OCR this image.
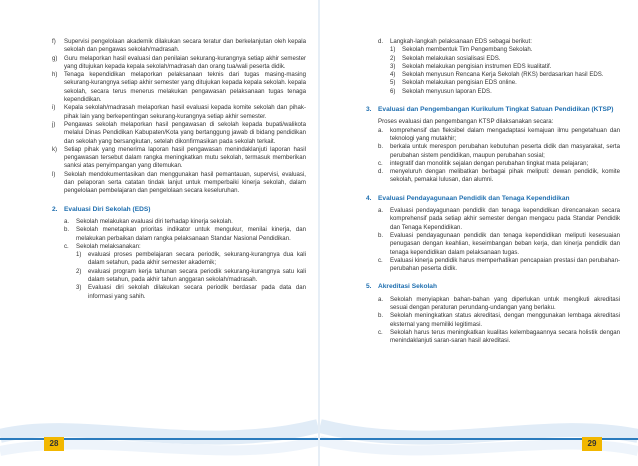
f) Supervisi pengelolaan akademik dilakukan secara teratur dan berkelanjutan oleh kepala sekolah dan pengawas sekolah/madrasah.
g) Guru melaporkan hasil evaluasi dan penilaian sekurang-kurangnya setiap akhir semester yang ditujukan kepada kepala sekolah/madrasah dan orang tua/wali peserta didik.
h) Tenaga kependidikan melaporkan pelaksanaan teknis dari tugas masing-masing sekurang-kurangnya setiap akhir semester yang ditujukan kepada kepala sekolah. kepala sekolah, secara terus menerus melakukan pengawasan pelaksanaan tugas tenaga kependidikan.
i) Kepala sekolah/madrasah melaporkan hasil evaluasi kepada komite sekolah dan pihak-pihak lain yang berkepentingan sekurang-kurangnya setiap akhir semester.
j) Pengawas sekolah melaporkan hasil pengawasan di sekolah kepada bupati/walikota melalui Dinas Pendidikan Kabupaten/Kota yang bertanggung jawab di bidang pendidikan dan sekolah yang bersangkutan, setelah dikonfirmasikan pada sekolah terkait.
k) Setiap pihak yang menerima laporan hasil pengawasan menindaklanjuti laporan hasil pengawasan tersebut dalam rangka meningkatkan mutu sekolah, termasuk memberikan sanksi atas penyimpangan yang ditemukan.
l) Sekolah mendokumentasikan dan menggunakan hasil pemantauan, supervisi, evaluasi, dan pelaporan serta catatan tindak lanjut untuk memperbaiki kinerja sekolah, dalam pengelolaan pembelajaran dan pengelolaan secara keseluruhan.
2. Evaluasi Diri Sekolah (EDS)
a. Sekolah melakukan evaluasi diri terhadap kinerja sekolah.
b. Sekolah menetapkan prioritas indikator untuk mengukur, menilai kinerja, dan melakukan perbaikan dalam rangka pelaksanaan Standar Nasional Pendidikan.
c. Sekolah melaksanakan:
1) evaluasi proses pembelajaran secara periodik, sekurang-kurangnya dua kali dalam setahun, pada akhir semester akademik;
2) evaluasi program kerja tahunan secara periodik sekurang-kurangnya satu kali dalam setahun, pada akhir tahun anggaran sekolah/madrasah.
3) Evaluasi diri sekolah dilakukan secara periodik berdasar pada data dan informasi yang sahih.
28
d. Langkah-langkah pelaksanaan EDS sebagai berikut:
1) Sekolah membentuk Tim Pengembang Sekolah.
2) Sekolah melakukan sosialisasi EDS.
3) Sekolah melakukan pengisian instrumen EDS kualitatif.
4) Sekolah menyusun Rencana Kerja Sekolah (RKS) berdasarkan hasil EDS.
5) Sekolah melakukan pengisian EDS online.
6) Sekolah menyusun laporan EDS.
3. Evaluasi dan Pengembangan Kurikulum Tingkat Satuan Pendidikan (KTSP)
Proses evaluasi dan pengembangan KTSP dilaksanakan secara:
a. komprehensif dan fleksibel dalam mengadaptasi kemajuan ilmu pengetahuan dan teknologi yang mutakhir;
b. berkala untuk merespon perubahan kebutuhan peserta didik dan masyarakat, serta perubahan sistem pendidikan, maupun perubahan sosial;
c. integratif dan monolitik sejalan dengan perubahan tingkat mata pelajaran;
d. menyeluruh dengan melibatkan berbagai pihak meliputi: dewan pendidik, komite sekolah, pemakai lulusan, dan alumni.
4. Evaluasi Pendayagunaan Pendidik dan Tenaga Kependidikan
a. Evaluasi pendayagunaan pendidik dan tenaga kependidikan direncanakan secara komprehensif pada setiap akhir semester dengan mengacu pada Standar Pendidik dan Tenaga Kependidikan.
b. Evaluasi pendayagunaan pendidik dan tenaga kependidikan meliputi kesesuaian penugasan dengan keahlian, keseimbangan beban kerja, dan kinerja pendidik dan tenaga kependidikan dalam pelaksanaan tugas.
c. Evaluasi kinerja pendidik harus memperhatikan pencapaian prestasi dan perubahan-perubahan peserta didik.
5. Akreditasi Sekolah
a. Sekolah menyiapkan bahan-bahan yang diperlukan untuk mengikuti akreditasi sesuai dengan peraturan perundang-undangan yang berlaku.
b. Sekolah meningkatkan status akreditasi, dengan menggunakan lembaga akreditasi eksternal yang memiliki legitimasi.
c. Sekolah harus terus meningkatkan kualitas kelembagaannya secara holistik dengan menindaklanjuti saran-saran hasil akreditasi.
29
